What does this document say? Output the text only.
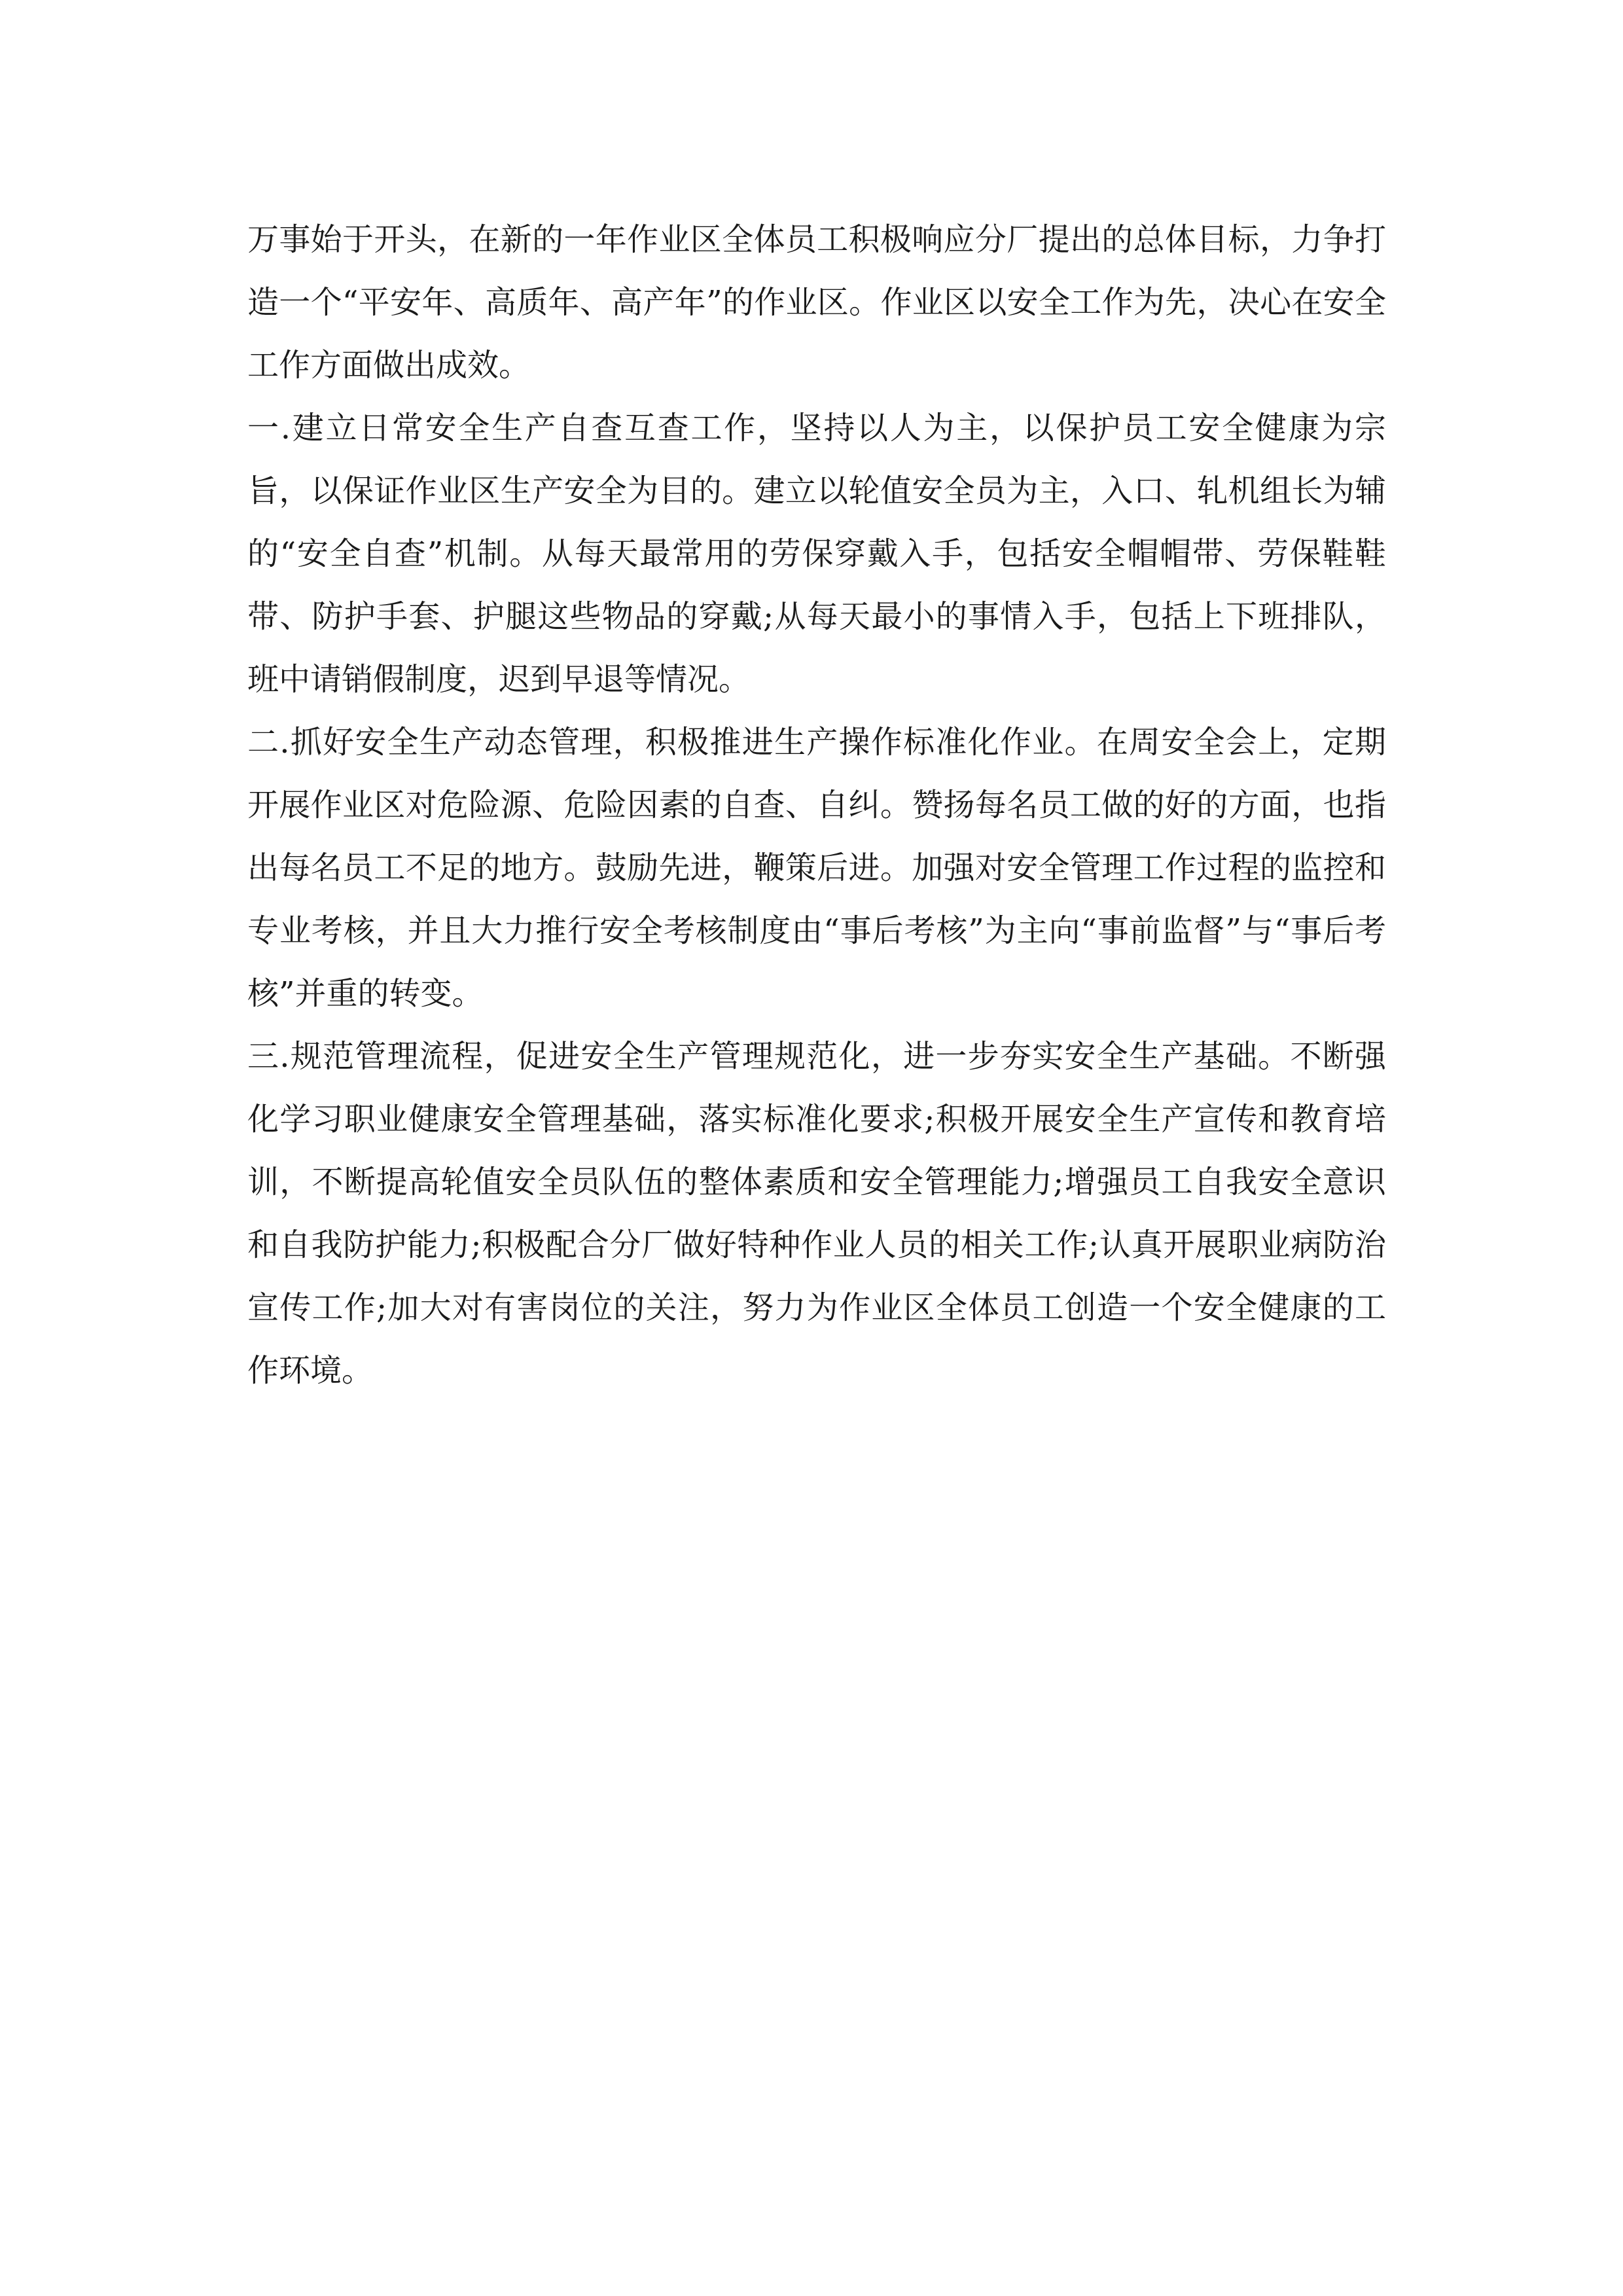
万事始于开头，在新的一年作业区全体员工积极响应分厂提出的总体目标，力争打造一个“平安年、高质年、高产年”的作业区。作业区以安全工作为先，决心在安全工作方面做出成效。

一.建立日常安全生产自查互查工作，坚持以人为主，以保护员工安全健康为宗旨，以保证作业区生产安全为目的。建立以轮值安全员为主，入口、轧机组长为辅的“安全自查”机制。从每天最常用的劳保穿戴入手，包括安全帽帽带、劳保鞋鞋带、防护手套、护腿这些物品的穿戴;从每天最小的事情入手，包括上下班排队，班中请销假制度，迟到早退等情况。

二.抓好安全生产动态管理，积极推进生产操作标准化作业。在周安全会上，定期开展作业区对危险源、危险因素的自查、自纠。赞扬每名员工做的好的方面，也指出每名员工不足的地方。鼓励先进，鞭策后进。加强对安全管理工作过程的监控和专业考核，并且大力推行安全考核制度由“事后考核”为主向“事前监督”与“事后考核”并重的转变。

三.规范管理流程，促进安全生产管理规范化，进一步夯实安全生产基础。不断强化学习职业健康安全管理基础，落实标准化要求;积极开展安全生产宣传和教育培训，不断提高轮值安全员队伍的整体素质和安全管理能力;增强员工自我安全意识和自我防护能力;积极配合分厂做好特种作业人员的相关工作;认真开展职业病防治宣传工作;加大对有害岗位的关注，努力为作业区全体员工创造一个安全健康的工作环境。
